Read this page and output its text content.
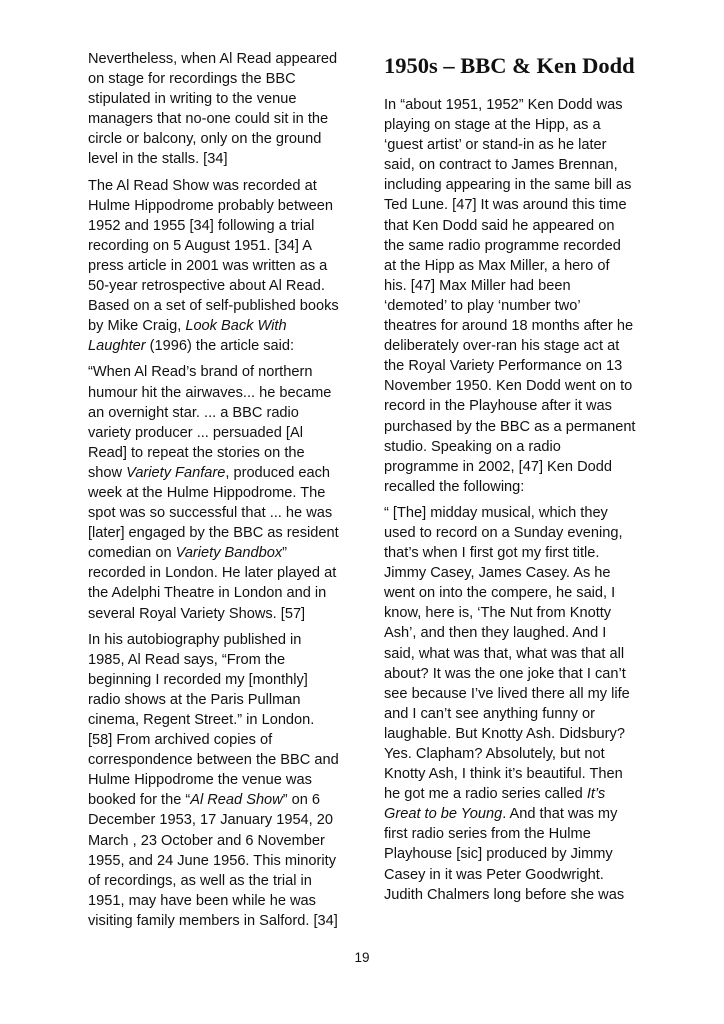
Nevertheless, when Al Read appeared
on stage for recordings the BBC
stipulated in writing to the venue
managers that no-one could sit in the
circle or balcony, only on the ground
level in the stalls. [34]

The Al Read Show was recorded at
Hulme Hippodrome probably between
1952 and 1955 [34] following a trial
recording on 5 August 1951. [34] A
press article in 2001 was written as a
50-year retrospective about Al Read.
Based on a set of self-published books
by Mike Craig, Look Back With
Laughter (1996) the article said:

“When Al Read’s brand of northern
humour hit the airwaves... he became
an overnight star. ... a BBC radio
variety producer ... persuaded [Al
Read] to repeat the stories on the
show Variety Fanfare, produced each
week at the Hulme Hippodrome. The
spot was so successful that ... he was
[later] engaged by the BBC as resident
comedian on Variety Bandbox”
recorded in London. He later played at
the Adelphi Theatre in London and in
several Royal Variety Shows. [57]

In his autobiography published in
1985, Al Read says, “From the
beginning I recorded my [monthly]
radio shows at the Paris Pullman
cinema, Regent Street.” in London.
[58] From archived copies of
correspondence between the BBC and
Hulme Hippodrome the venue was
booked for the “Al Read Show” on 6
December 1953, 17 January 1954, 20
March , 23 October and 6 November
1955, and 24 June 1956. This minority
of recordings, as well as the trial in
1951, may have been while he was
visiting family members in Salford. [34]

1950s – BBC & Ken Dodd

In “about 1951, 1952” Ken Dodd was
playing on stage at the Hipp, as a
‘guest artist’ or stand-in as he later
said, on contract to James Brennan,
including appearing in the same bill as
Ted Lune. [47] It was around this time
that Ken Dodd said he appeared on
the same radio programme recorded
at the Hipp as Max Miller, a hero of
his. [47] Max Miller had been
‘demoted’ to play ‘number two’
theatres for around 18 months after he
deliberately over-ran his stage act at
the Royal Variety Performance on 13
November 1950. Ken Dodd went on to
record in the Playhouse after it was
purchased by the BBC as a permanent
studio. Speaking on a radio
programme in 2002, [47] Ken Dodd
recalled the following:

“ [The] midday musical, which they
used to record on a Sunday evening,
that’s when I first got my first title.
Jimmy Casey, James Casey. As he
went on into the compere, he said, I
know, here is, ‘The Nut from Knotty
Ash’, and then they laughed. And I
said, what was that, what was that all
about? It was the one joke that I can’t
see because I’ve lived there all my life
and I can’t see anything funny or
laughable. But Knotty Ash. Didsbury?
Yes. Clapham? Absolutely, but not
Knotty Ash, I think it’s beautiful. Then
he got me a radio series called It’s
Great to be Young. And that was my
first radio series from the Hulme
Playhouse [sic] produced by Jimmy
Casey in it was Peter Goodwright.
Judith Chalmers long before she was

19
